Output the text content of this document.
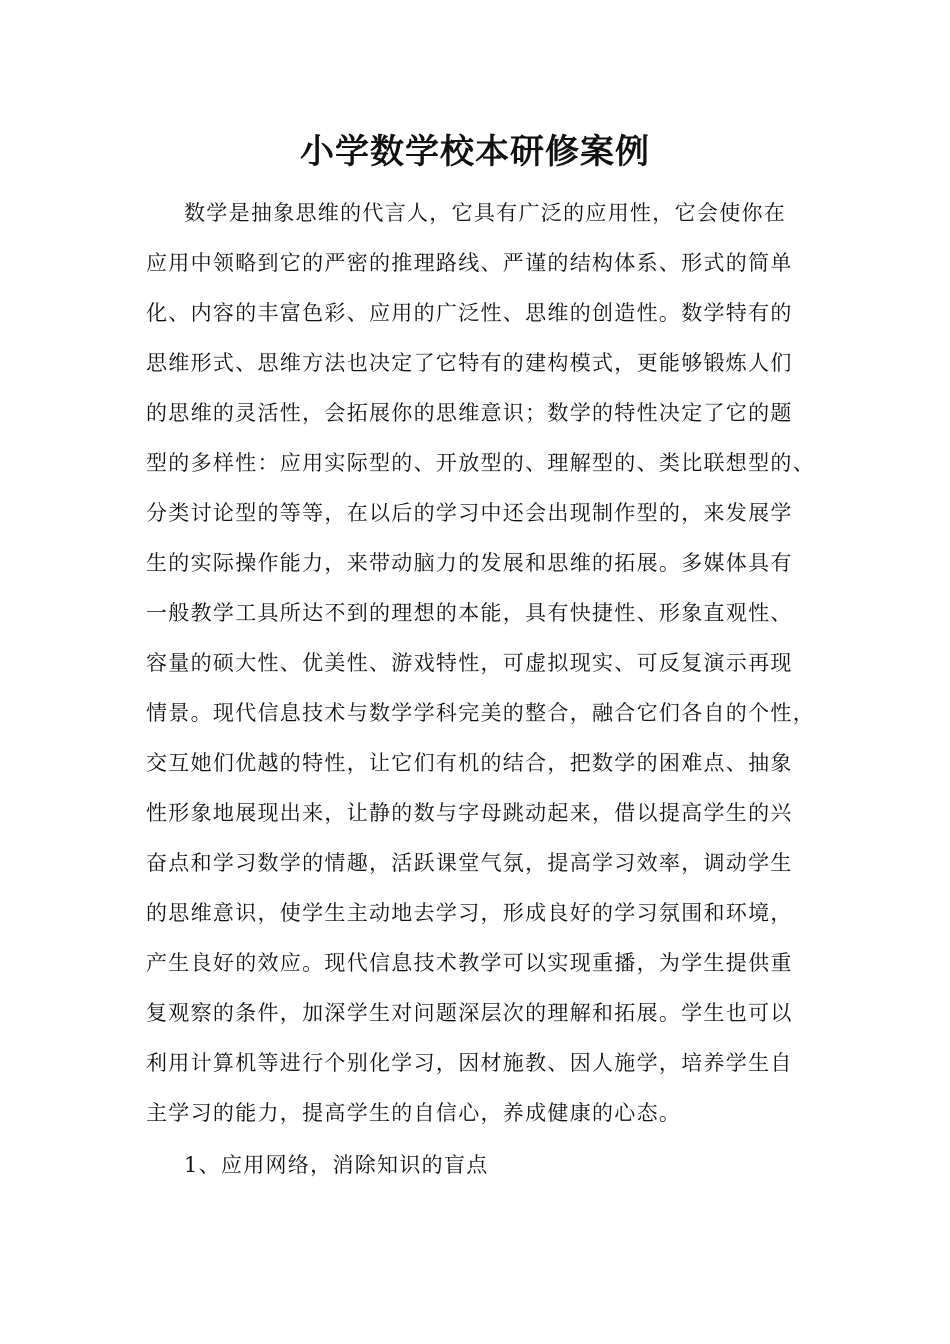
小学数学校本研修案例
数学是抽象思维的代言人，它具有广泛的应用性，它会使你在
应用中领略到它的严密的推理路线、严谨的结构体系、形式的简单
化、内容的丰富色彩、应用的广泛性、思维的创造性。数学特有的
思维形式、思维方法也决定了它特有的建构模式，更能够锻炼人们
的思维的灵活性，会拓展你的思维意识；数学的特性决定了它的题
型的多样性：应用实际型的、开放型的、理解型的、类比联想型的、
分类讨论型的等等，在以后的学习中还会出现制作型的，来发展学
生的实际操作能力，来带动脑力的发展和思维的拓展。多媒体具有
一般教学工具所达不到的理想的本能，具有快捷性、形象直观性、
容量的硕大性、优美性、游戏特性，可虚拟现实、可反复演示再现
情景。现代信息技术与数学学科完美的整合，融合它们各自的个性，
交互她们优越的特性，让它们有机的结合，把数学的困难点、抽象
性形象地展现出来，让静的数与字母跳动起来，借以提高学生的兴
奋点和学习数学的情趣，活跃课堂气氛，提高学习效率，调动学生
的思维意识，使学生主动地去学习，形成良好的学习氛围和环境，
产生良好的效应。现代信息技术教学可以实现重播，为学生提供重
复观察的条件，加深学生对问题深层次的理解和拓展。学生也可以
利用计算机等进行个别化学习，因材施教、因人施学，培养学生自
主学习的能力，提高学生的自信心，养成健康的心态。
1、应用网络，消除知识的盲点
